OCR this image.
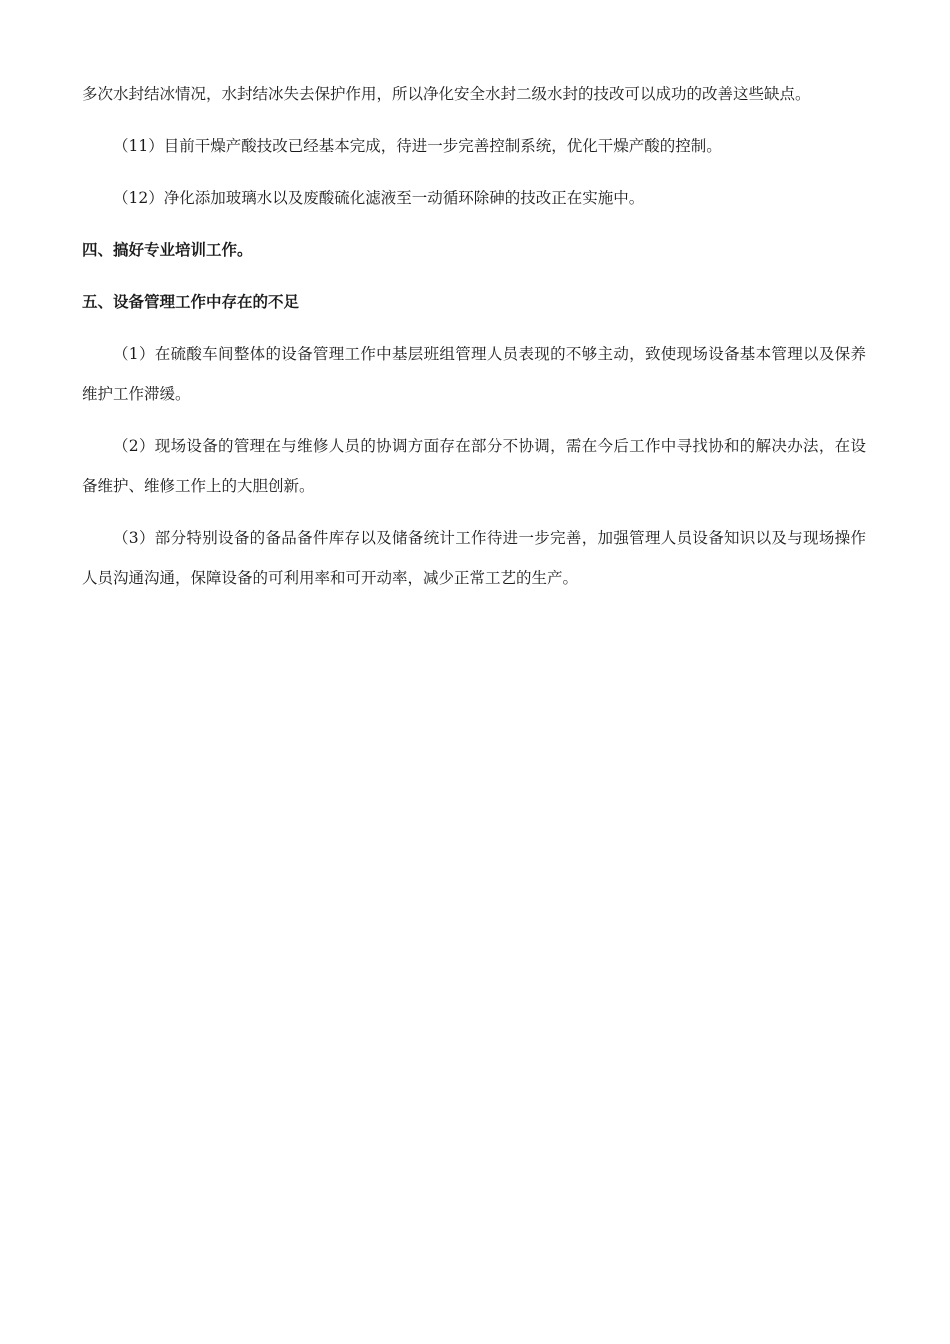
多次水封结冰情况，水封结冰失去保护作用，所以净化安全水封二级水封的技改可以成功的改善这些缺点。

（11）目前干燥产酸技改已经基本完成，待进一步完善控制系统，优化干燥产酸的控制。

（12）净化添加玻璃水以及废酸硫化滤液至一动循环除砷的技改正在实施中。

四、搞好专业培训工作。
五、设备管理工作中存在的不足

（1）在硫酸车间整体的设备管理工作中基层班组管理人员表现的不够主动，致使现场设备基本管理以及保养维护工作滞缓。

（2）现场设备的管理在与维修人员的协调方面存在部分不协调，需在今后工作中寻找协和的解决办法，在设备维护、维修工作上的大胆创新。

（3）部分特别设备的备品备件库存以及储备统计工作待进一步完善，加强管理人员设备知识以及与现场操作人员沟通沟通，保障设备的可利用率和可开动率，减少正常工艺的生产。
